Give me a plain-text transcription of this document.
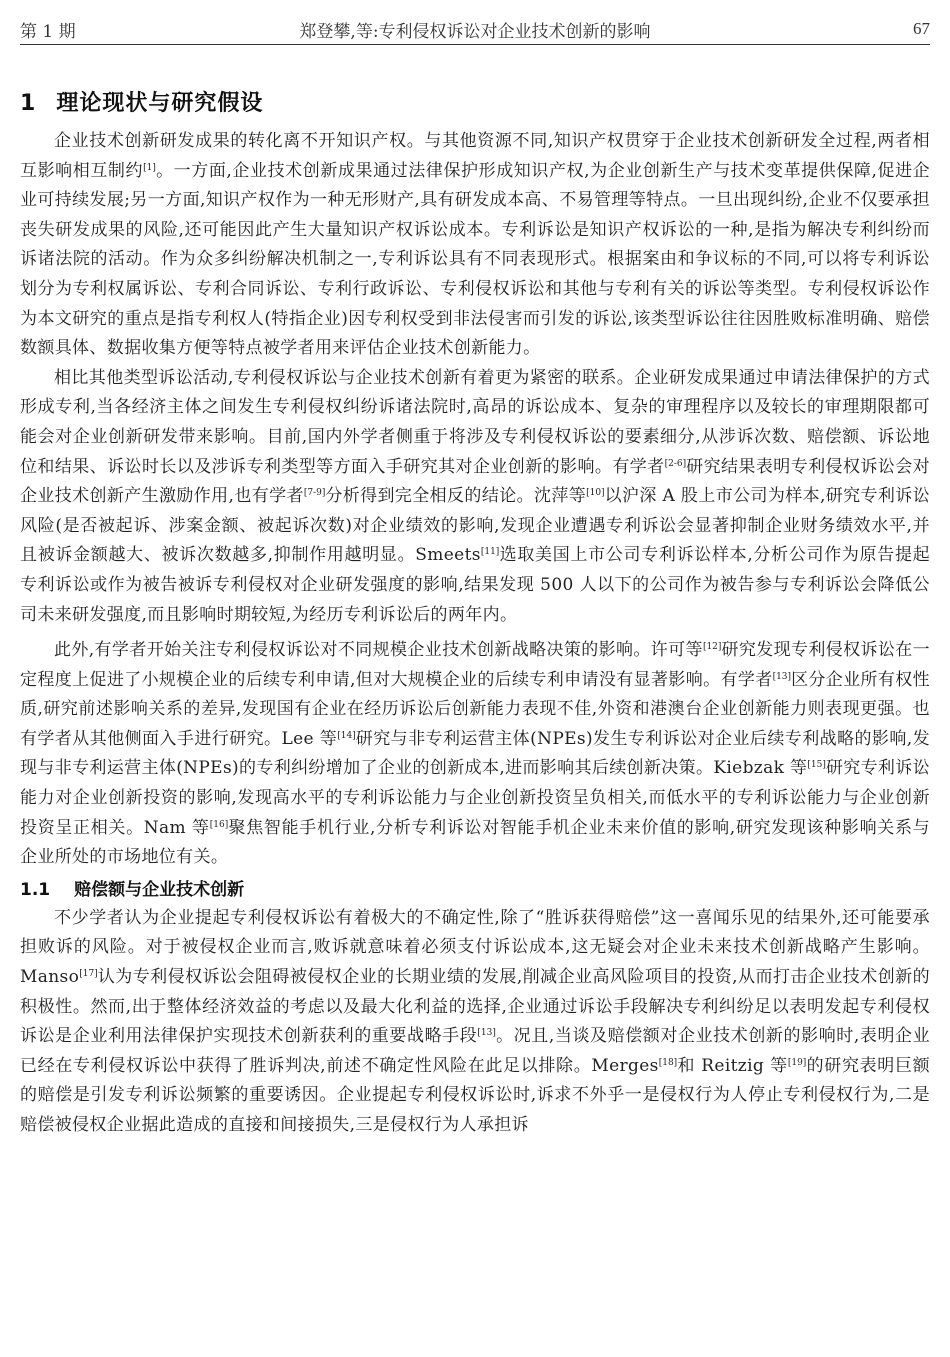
第 1 期	郑登攀,等:专利侵权诉讼对企业技术创新的影响	67
1 理论现状与研究假设

企业技术创新研发成果的转化离不开知识产权。与其他资源不同,知识产权贯穿于企业技术创新研发全过程,两者相互影响相互制约[1]。一方面,企业技术创新成果通过法律保护形成知识产权,为企业创新生产与技术变革提供保障,促进企业可持续发展;另一方面,知识产权作为一种无形财产,具有研发成本高、不易管理等特点。一旦出现纠纷,企业不仅要承担丧失研发成果的风险,还可能因此产生大量知识产权诉讼成本。专利诉讼是知识产权诉讼的一种,是指为解决专利纠纷而诉诸法院的活动。作为众多纠纷解决机制之一,专利诉讼具有不同表现形式。根据案由和争议标的不同,可以将专利诉讼划分为专利权属诉讼、专利合同诉讼、专利行政诉讼、专利侵权诉讼和其他与专利有关的诉讼等类型。专利侵权诉讼作为本文研究的重点是指专利权人(特指企业)因专利权受到非法侵害而引发的诉讼,该类型诉讼往往因胜败标准明确、赔偿数额具体、数据收集方便等特点被学者用来评估企业技术创新能力。

相比其他类型诉讼活动,专利侵权诉讼与企业技术创新有着更为紧密的联系。企业研发成果通过申请法律保护的方式形成专利,当各经济主体之间发生专利侵权纠纷诉诸法院时,高昂的诉讼成本、复杂的审理程序以及较长的审理期限都可能会对企业创新研发带来影响。目前,国内外学者侧重于将涉及专利侵权诉讼的要素细分,从涉诉次数、赔偿额、诉讼地位和结果、诉讼时长以及涉诉专利类型等方面入手研究其对企业创新的影响。有学者[2-6]研究结果表明专利侵权诉讼会对企业技术创新产生激励作用,也有学者[7-9]分析得到完全相反的结论。沈萍等[10]以沪深 A 股上市公司为样本,研究专利诉讼风险(是否被起诉、涉案金额、被起诉次数)对企业绩效的影响,发现企业遭遇专利诉讼会显著抑制企业财务绩效水平,并且被诉金额越大、被诉次数越多,抑制作用越明显。Smeets[11]选取美国上市公司专利诉讼样本,分析公司作为原告提起专利诉讼或作为被告被诉专利侵权对企业研发强度的影响,结果发现 500 人以下的公司作为被告参与专利诉讼会降低公司未来研发强度,而且影响时期较短,为经历专利诉讼后的两年内。

此外,有学者开始关注专利侵权诉讼对不同规模企业技术创新战略决策的影响。许可等[12]研究发现专利侵权诉讼在一定程度上促进了小规模企业的后续专利申请,但对大规模企业的后续专利申请没有显著影响。有学者[13]区分企业所有权性质,研究前述影响关系的差异,发现国有企业在经历诉讼后创新能力表现不佳,外资和港澳台企业创新能力则表现更强。也有学者从其他侧面入手进行研究。Lee 等[14]研究与非专利运营主体(NPEs)发生专利诉讼对企业后续专利战略的影响,发现与非专利运营主体(NPEs)的专利纠纷增加了企业的创新成本,进而影响其后续创新决策。Kiebzak 等[15]研究专利诉讼能力对企业创新投资的影响,发现高水平的专利诉讼能力与企业创新投资呈负相关,而低水平的专利诉讼能力与企业创新投资呈正相关。Nam 等[16]聚焦智能手机行业,分析专利诉讼对智能手机企业未来价值的影响,研究发现该种影响关系与企业所处的市场地位有关。

1.1 赔偿额与企业技术创新

不少学者认为企业提起专利侵权诉讼有着极大的不确定性,除了“胜诉获得赔偿”这一喜闻乐见的结果外,还可能要承担败诉的风险。对于被侵权企业而言,败诉就意味着必须支付诉讼成本,这无疑会对企业未来技术创新战略产生影响。Manso[17]认为专利侵权诉讼会阻碍被侵权企业的长期业绩的发展,削减企业高风险项目的投资,从而打击企业技术创新的积极性。然而,出于整体经济效益的考虑以及最大化利益的选择,企业通过诉讼手段解决专利纠纷足以表明发起专利侵权诉讼是企业利用法律保护实现技术创新获利的重要战略手段[13]。况且,当谈及赔偿额对企业技术创新的影响时,表明企业已经在专利侵权诉讼中获得了胜诉判决,前述不确定性风险在此足以排除。Merges[18]和 Reitzig 等[19]的研究表明巨额的赔偿是引发专利诉讼频繁的重要诱因。企业提起专利侵权诉讼时,诉求不外乎一是侵权行为人停止专利侵权行为,二是赔偿被侵权企业据此造成的直接和间接损失,三是侵权行为人承担诉
